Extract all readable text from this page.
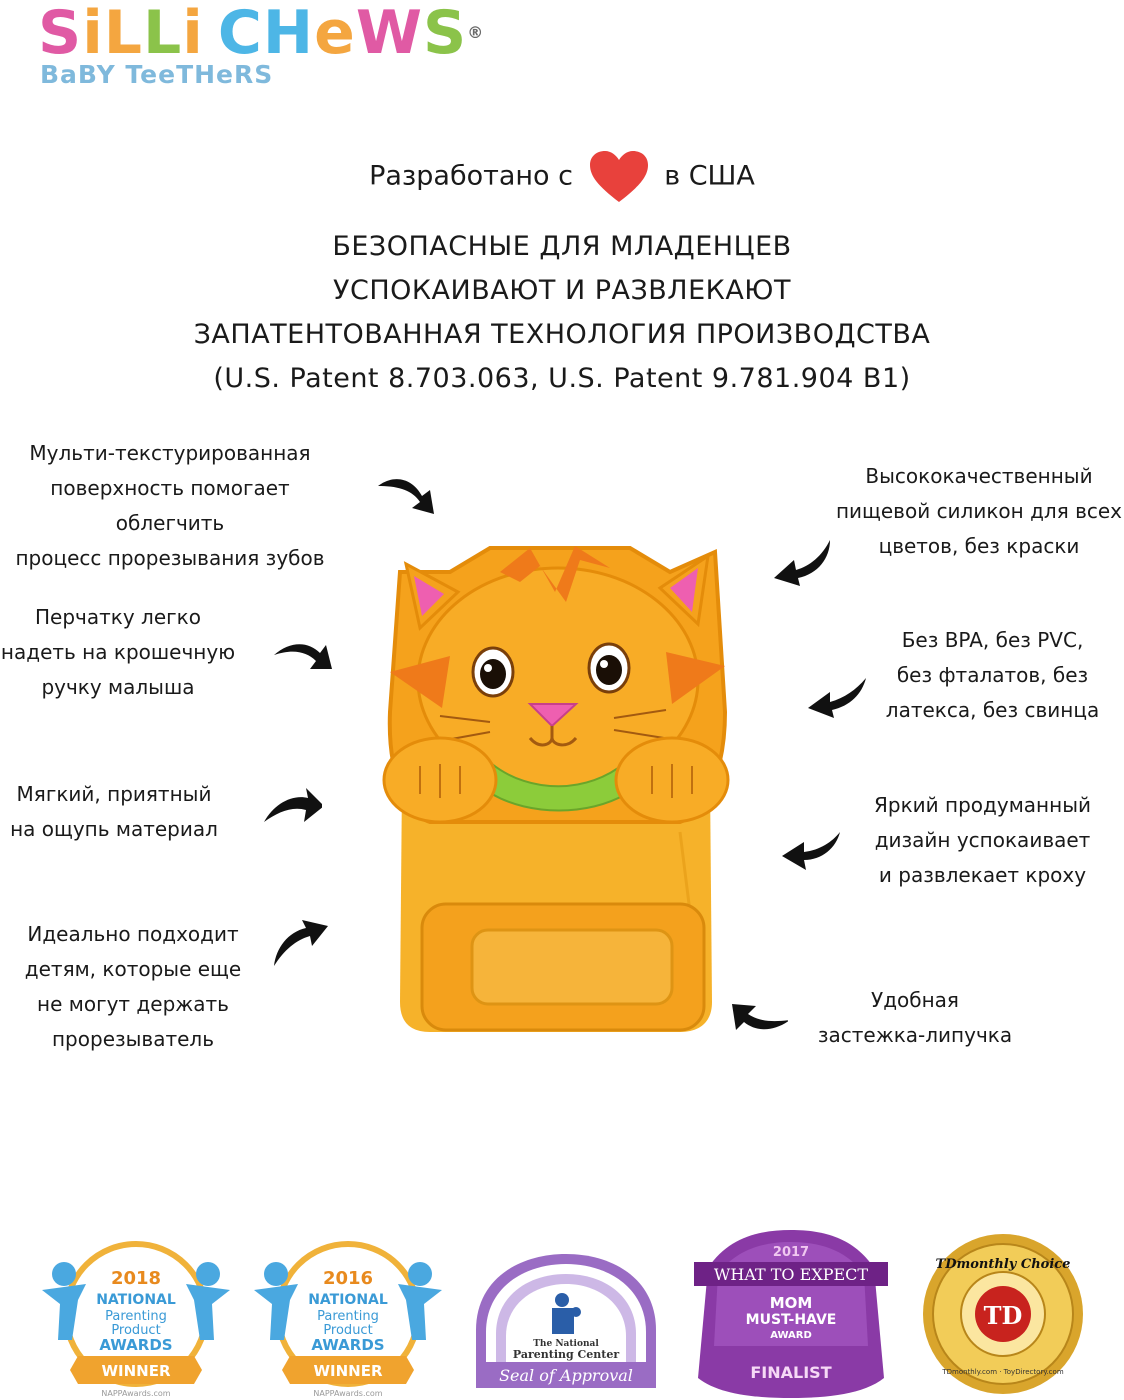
SiLLi CHeWS®
BaBY TeeTHeRS
Разработано с	в США
БЕЗОПАСНЫЕ ДЛЯ МЛАДЕНЦЕВ
УСПОКАИВАЮТ И РАЗВЛЕКАЮТ
ЗАПАТЕНТОВАННАЯ ТЕХНОЛОГИЯ ПРОИЗВОДСТВА
(U.S. Patent 8.703.063, U.S. Patent 9.781.904 B1)
Мульти-текстурированная
поверхность помогает облегчить
процесс прорезывания зубов
Перчатку легко
надеть на крошечную
ручку малыша
Мягкий, приятный
на ощупь материал
Идеально подходит
детям, которые еще
не могут держать
прорезыватель
Высококачественный
пищевой силикон для всех
цветов, без краски
Без BPA, без PVC,
без фталатов, без
латекса, без свинца
Яркий продуманный
дизайн успокаивает
и развлекает кроху
Удобная
застежка-липучка
2018
NATIONAL
Parenting
Product
AWARDS
WINNER
NAPPAwards.com
2016
NATIONAL
Parenting
Product
AWARDS
WINNER
NAPPAwards.com
The National
Parenting Center
Seal of Approval
2017
WHAT TO EXPECT
MOM
MUST-HAVE
AWARD
FINALIST
TDmonthly Choice
TD
TDmonthly.com · ToyDirectory.com
